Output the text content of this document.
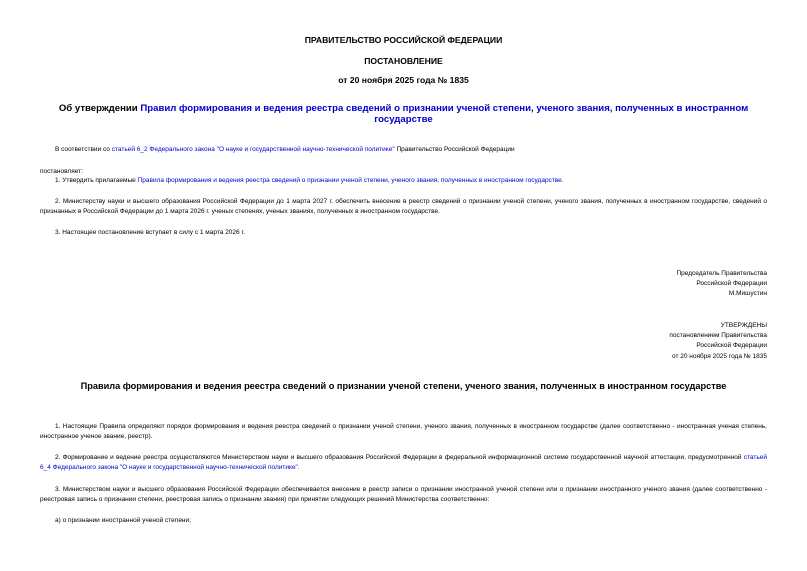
ПРАВИТЕЛЬСТВО РОССИЙСКОЙ ФЕДЕРАЦИИ

ПОСТАНОВЛЕНИЕ

от 20 ноября 2025 года № 1835

Об утверждении Правил формирования и ведения реестра сведений о признании ученой степени, ученого звания, полученных в иностранном государстве

В соответствии со статьей 6_2 Федерального закона "О науке и государственной научно-технической политике" Правительство Российской Федерации

постановляет:

1. Утвердить прилагаемые Правила формирования и ведения реестра сведений о признании ученой степени, ученого звания, полученных в иностранном государстве.

2. Министерству науки и высшего образования Российской Федерации до 1 марта 2027 г. обеспечить внесение в реестр сведений о признании ученой степени, ученого звания, полученных в иностранном государстве, сведений о признанных в Российской Федерации до 1 марта 2026 г. ученых степенях, ученых званиях, полученных в иностранном государстве.

3. Настоящее постановление вступает в силу с 1 марта 2026 г.

Председатель Правительства
Российской Федерации
М.Мишустин
УТВЕРЖДЕНЫ
постановлением Правительства
Российской Федерации
от 20 ноября 2025 года № 1835

Правила формирования и ведения реестра сведений о признании ученой степени, ученого звания, полученных в иностранном государстве

1. Настоящие Правила определяют порядок формирования и ведения реестра сведений о признании ученой степени, ученого звания, полученных в иностранном государстве (далее соответственно - иностранная ученая степень, иностранное ученое звание, реестр).

2. Формирование и ведение реестра осуществляются Министерством науки и высшего образования Российской Федерации в федеральной информационной системе государственной научной аттестации, предусмотренной статьей 6_4 Федерального закона "О науке и государственной научно-технической политике".

3. Министерством науки и высшего образования Российской Федерации обеспечивается внесение в реестр записи о признании иностранной ученой степени или о признании иностранного ученого звания (далее соответственно - реестровая запись о признании степени, реестровая запись о признании звания) при принятии следующих решений Министерства соответственно:

а) о признании иностранной ученой степени;
